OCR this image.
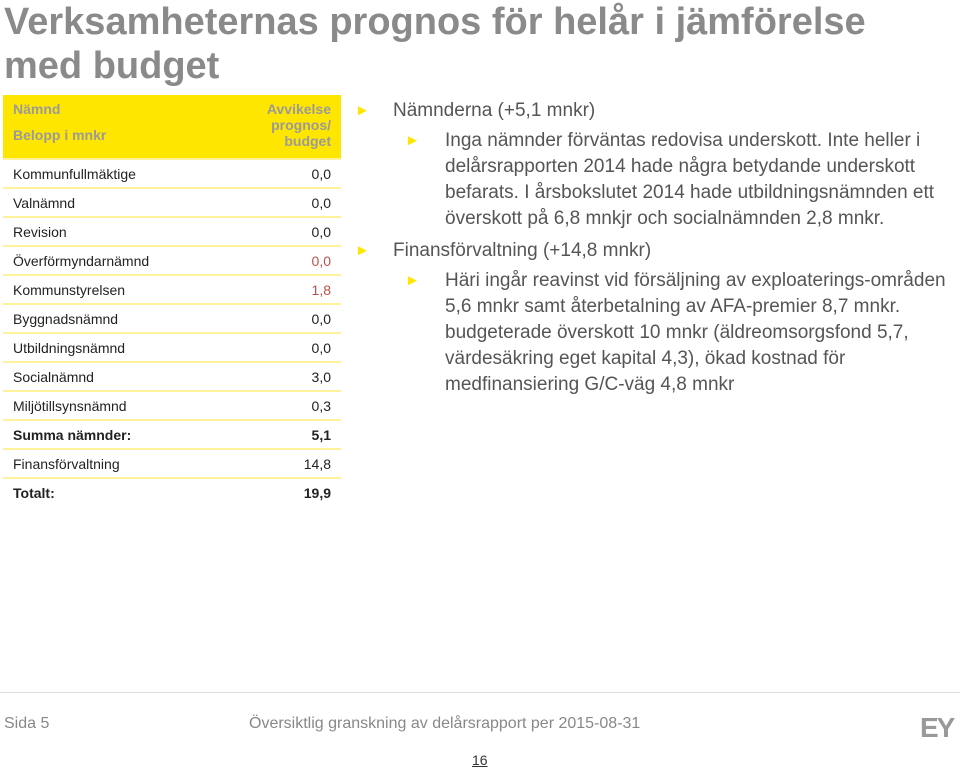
Verksamheternas prognos för helår i jämförelse med budget
Nämnd
Belopp i mnkr	Avvikelse prognos/ budget
Kommunfullmäktige	0,0
Valnämnd	0,0
Revision	0,0
Överförmyndarnämnd	0,0
Kommunstyrelsen	1,8
Byggnadsnämnd	0,0
Utbildningsnämnd	0,0
Socialnämnd	3,0
Miljötillsynsnämnd	0,3
Summa nämnder:	5,1
Finansförvaltning	14,8
Totalt:	19,9
► Nämnderna (+5,1 mnkr)
► Inga nämnder förväntas redovisa underskott. Inte heller i delårsrapporten 2014 hade några betydande underskott befarats. I årsbokslutet 2014 hade utbildningsnämnden ett överskott på 6,8 mnkjr och socialnämnden 2,8 mnkr.
► Finansförvaltning (+14,8 mnkr)
► Häri ingår reavinst vid försäljning av exploaterings-områden 5,6 mnkr samt återbetalning av AFA-premier 8,7 mnkr. budgeterade överskott 10 mnkr (äldreomsorgsfond 5,7, värdesäkring eget kapital 4,3), ökad kostnad för medfinansiering G/C-väg 4,8 mnkr
Sida 5	Översiktlig granskning av delårsrapport per 2015-08-31	EY
16
